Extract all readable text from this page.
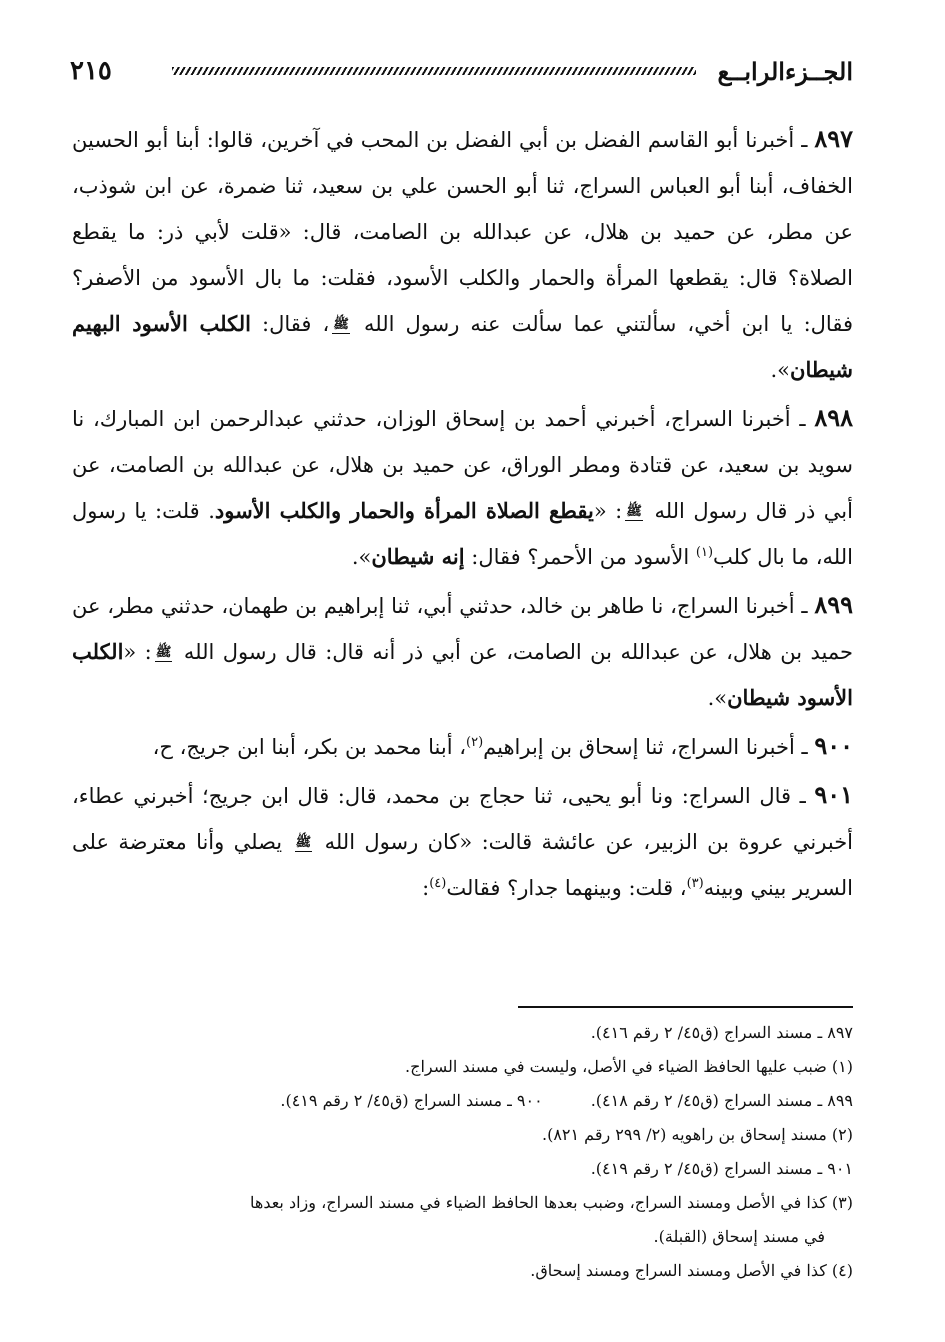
٢١٥	الجــزءالرابــع

٨٩٧ ـ أخبرنا أبو القاسم الفضل بن أبي الفضل بن المحب في آخرين، قالوا: أبنا أبو الحسين الخفاف، أبنا أبو العباس السراج، ثنا أبو الحسن علي بن سعيد، ثنا ضمرة، عن ابن شوذب، عن مطر، عن حميد بن هلال، عن عبدالله بن الصامت، قال: «قلت لأبي ذر: ما يقطع الصلاة؟ قال: يقطعها المرأة والحمار والكلب الأسود، فقلت: ما بال الأسود من الأصفر؟ فقال: يا ابن أخي، سألتني عما سألت عنه رسول الله ﷺ، فقال: الكلب الأسود البهيم شيطان».

٨٩٨ ـ أخبرنا السراج، أخبرني أحمد بن إسحاق الوزان، حدثني عبدالرحمن ابن المبارك، نا سويد بن سعيد، عن قتادة ومطر الوراق، عن حميد بن هلال، عن عبدالله بن الصامت، عن أبي ذر قال رسول الله ﷺ: «يقطع الصلاة المرأة والحمار والكلب الأسود. قلت: يا رسول الله، ما بال كلب$^{(١)}$ الأسود من الأحمر؟ فقال: إنه شيطان».

٨٩٩ ـ أخبرنا السراج، نا طاهر بن خالد، حدثني أبي، ثنا إبراهيم بن طهمان، حدثني مطر، عن حميد بن هلال، عن عبدالله بن الصامت، عن أبي ذر أنه قال: قال رسول الله ﷺ: «الكلب الأسود شيطان».

٩٠٠ ـ أخبرنا السراج، ثنا إسحاق بن إبراهيم$^{(٢)}$، أبنا محمد بن بكر، أبنا ابن جريج، ح،

٩٠١ ـ قال السراج: ونا أبو يحيى، ثنا حجاج بن محمد، قال: قال ابن جريج؛ أخبرني عطاء، أخبرني عروة بن الزبير، عن عائشة قالت: «كان رسول الله ﷺ يصلي وأنا معترضة على السرير بيني وبينه$^{(٣)}$، قلت: وبينهما جدار؟ فقالت$^{(٤)}$:

٨٩٧ ـ مسند السراج (ق٤٥/ ٢ رقم ٤١٦).

(١) ضبب عليها الحافظ الضياء في الأصل، وليست في مسند السراج.

٨٩٩ ـ مسند السراج (ق٤٥/ ٢ رقم ٤١٨).
٩٠٠ ـ مسند السراج (ق٤٥/ ٢ رقم ٤١٩).

(٢) مسند إسحاق بن راهويه (٢/ ٢٩٩ رقم ٨٢١).

٩٠١ ـ مسند السراج (ق٤٥/ ٢ رقم ٤١٩).

(٣) كذا في الأصل ومسند السراج، وضبب بعدها الحافظ الضياء في مسند السراج، وزاد بعدها

في مسند إسحاق (القبلة).

(٤) كذا في الأصل ومسند السراج ومسند إسحاق.
